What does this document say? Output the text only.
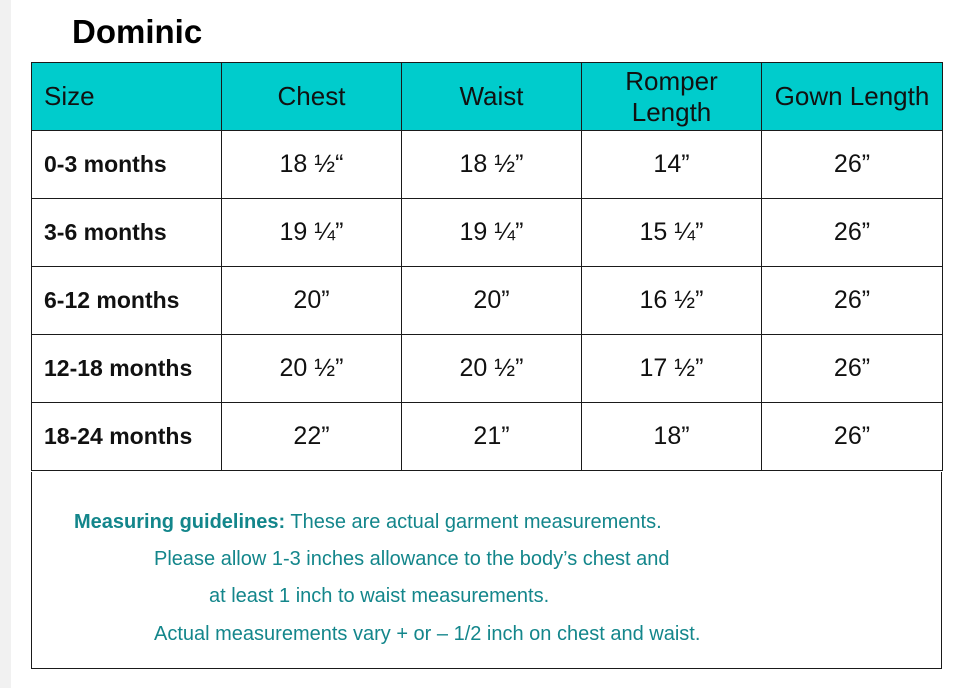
Dominic
Size	Chest	Waist	Romper Length	Gown Length
0-3 months	18 ½“	18 ½”	14”	26”
3-6 months	19 ¼”	19 ¼”	15 ¼”	26”
6-12 months	20”	20”	16 ½”	26”
12-18 months	20 ½”	20 ½”	17 ½”	26”
18-24 months	22”	21”	18”	26”
Measuring guidelines: These are actual garment measurements.
Please allow 1-3 inches allowance to the body’s chest and
at least 1 inch to waist measurements.
Actual measurements vary + or – 1/2 inch on chest and waist.
